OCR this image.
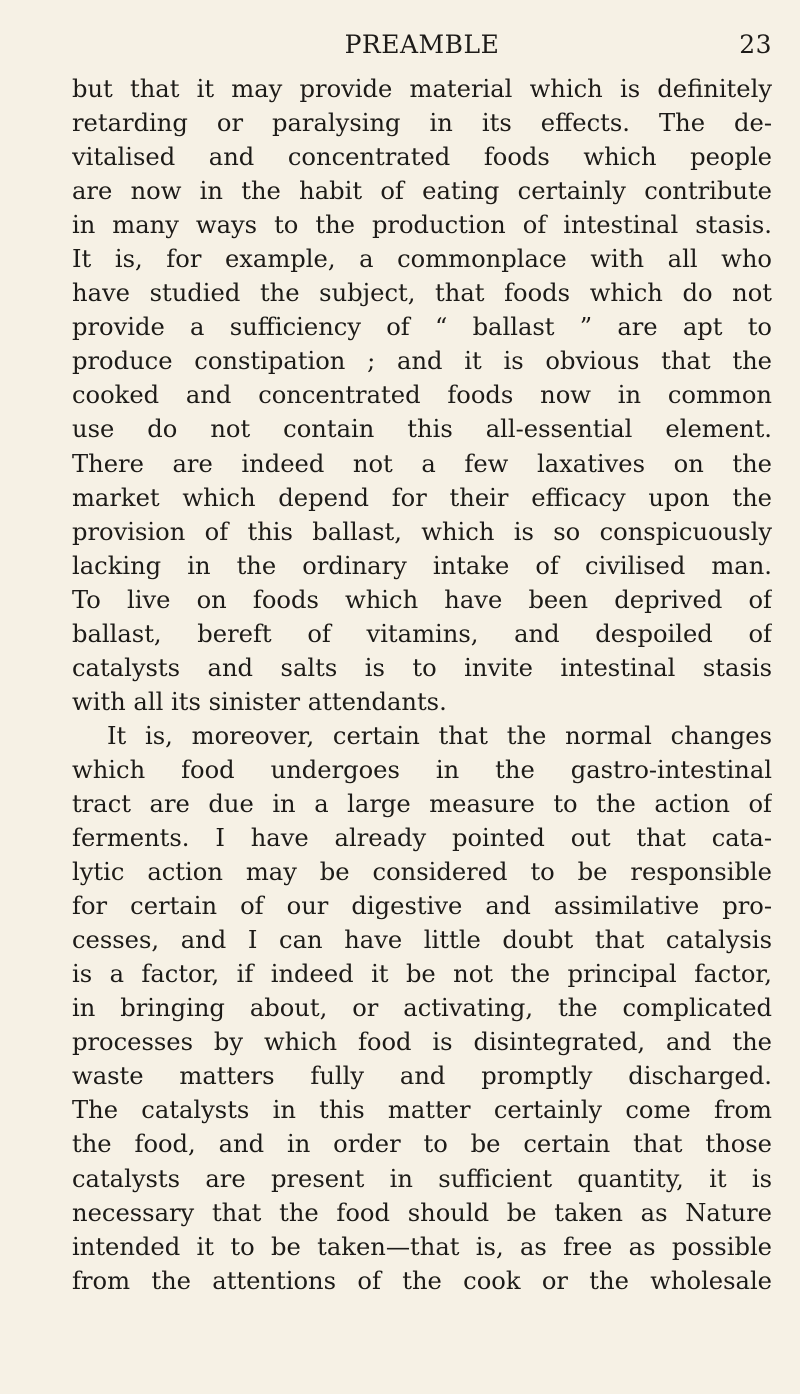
PREAMBLE	23
but that it may provide material which is definitely
retarding or paralysing in its effects. The de-
vitalised and concentrated foods which people
are now in the habit of eating certainly contribute
in many ways to the production of intestinal stasis.
It is, for example, a commonplace with all who
have studied the subject, that foods which do not
provide a sufficiency of “ ballast ” are apt to
produce constipation ; and it is obvious that the
cooked and concentrated foods now in common
use do not contain this all-essential element.
There are indeed not a few laxatives on the
market which depend for their efficacy upon the
provision of this ballast, which is so conspicuously
lacking in the ordinary intake of civilised man.
To live on foods which have been deprived of
ballast, bereft of vitamins, and despoiled of
catalysts and salts is to invite intestinal stasis
with all its sinister attendants.
It is, moreover, certain that the normal changes
which food undergoes in the gastro-intestinal
tract are due in a large measure to the action of
ferments. I have already pointed out that cata-
lytic action may be considered to be responsible
for certain of our digestive and assimilative pro-
cesses, and I can have little doubt that catalysis
is a factor, if indeed it be not the principal factor,
in bringing about, or activating, the complicated
processes by which food is disintegrated, and the
waste matters fully and promptly discharged.
The catalysts in this matter certainly come from
the food, and in order to be certain that those
catalysts are present in sufficient quantity, it is
necessary that the food should be taken as Nature
intended it to be taken—that is, as free as possible
from the attentions of the cook or the wholesale
